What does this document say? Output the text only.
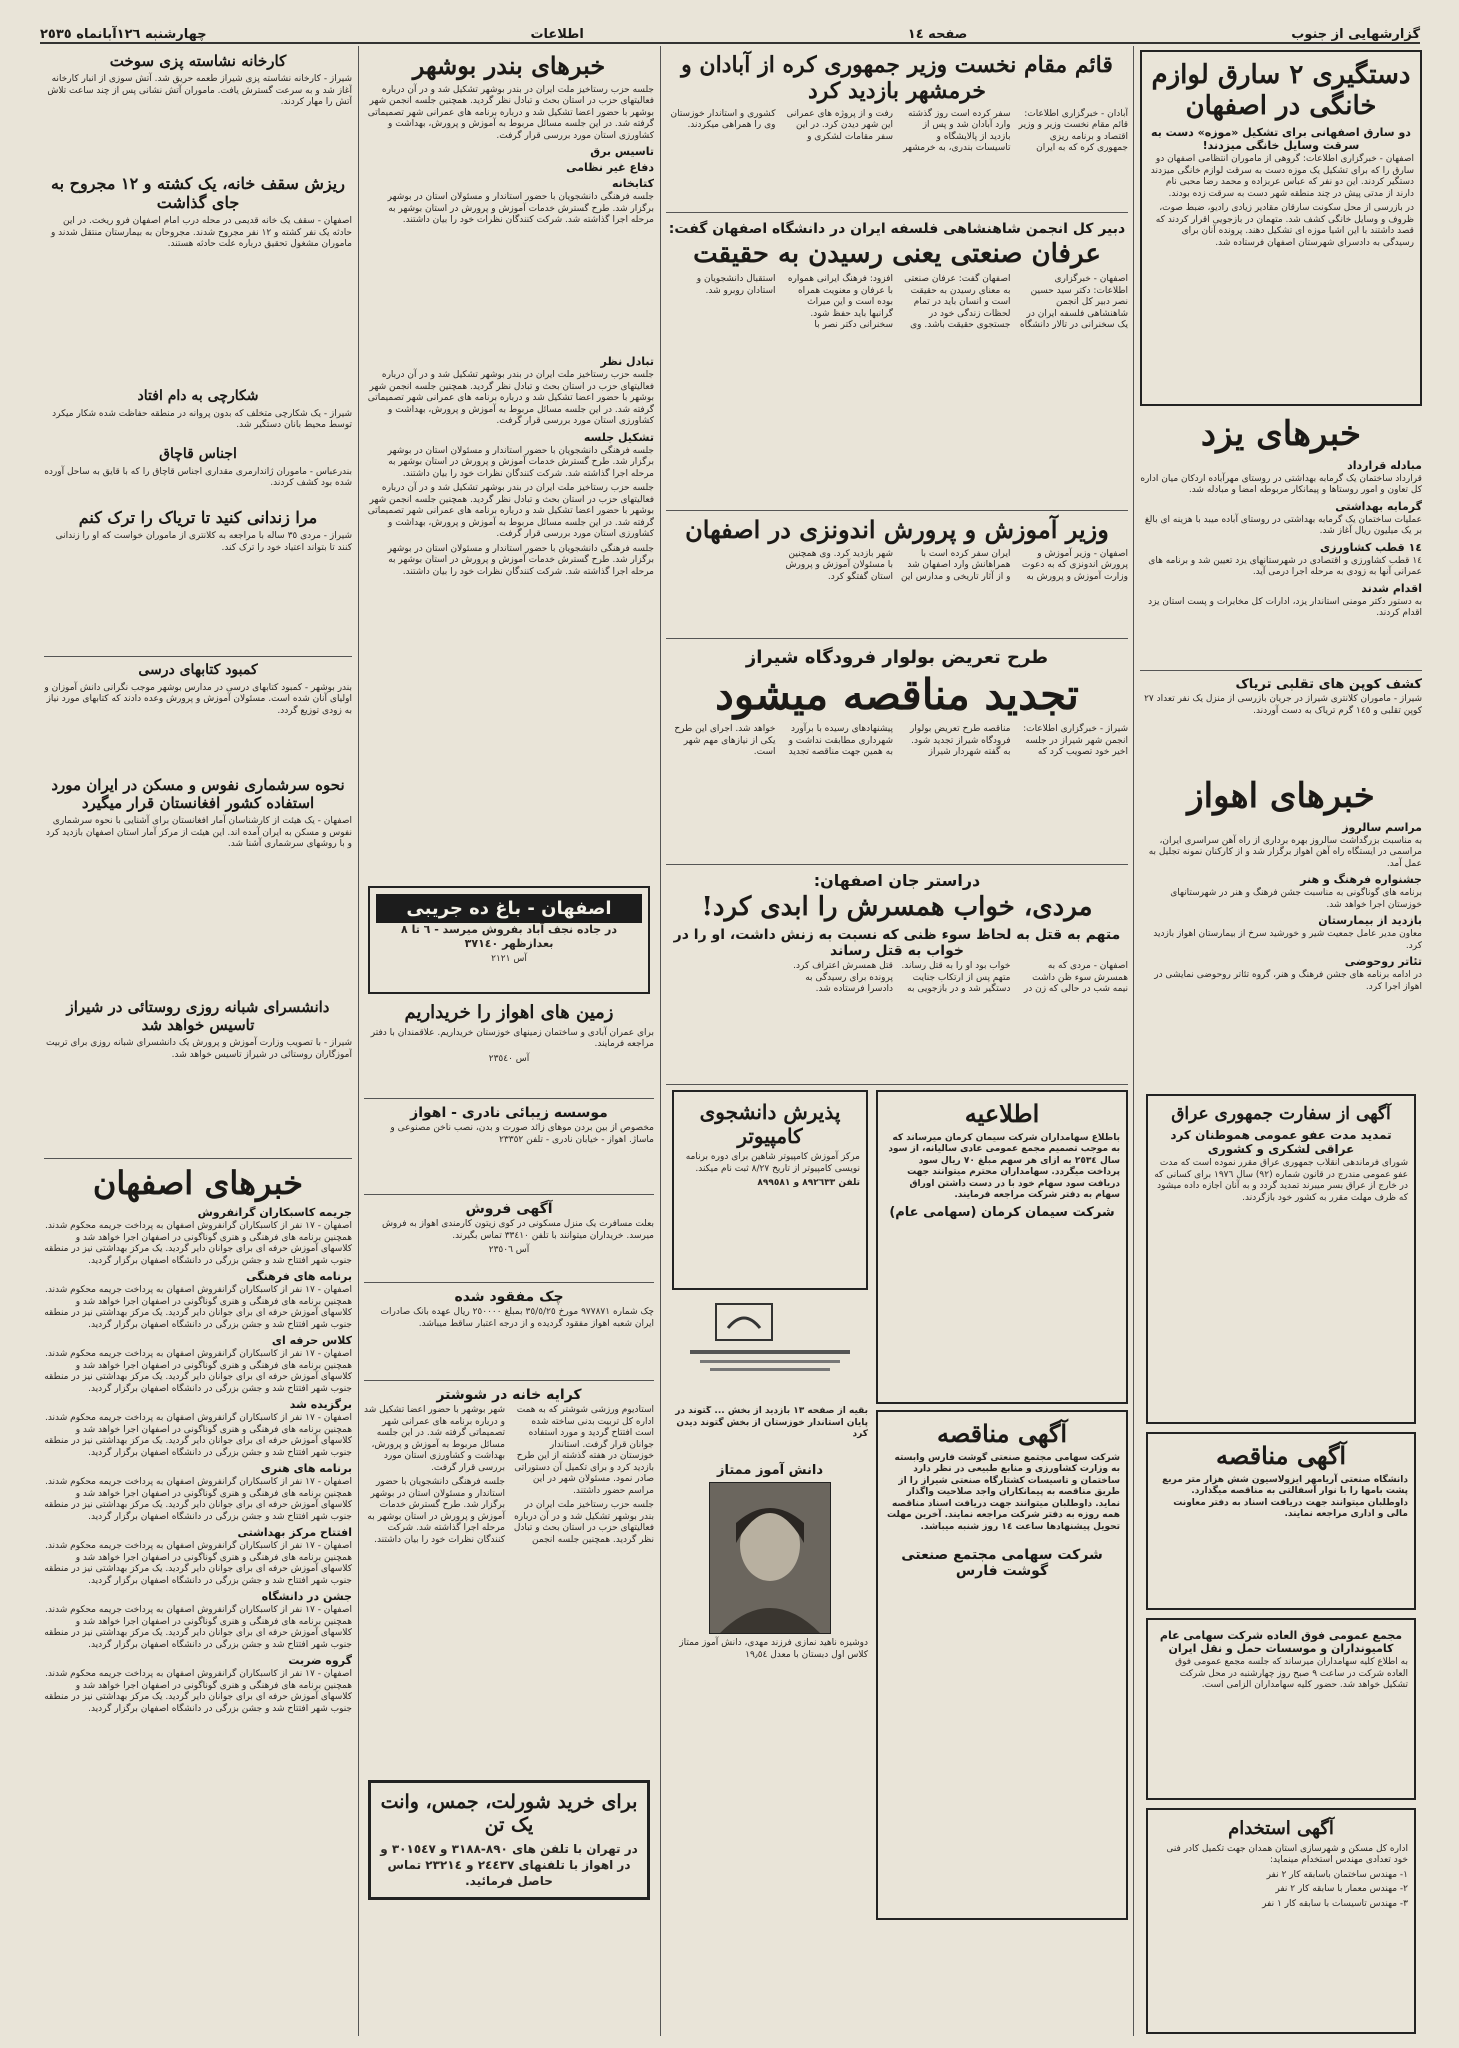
گزارشهایی از جنوب
صفحه ١٤
اطلاعات
چهارشنبه ١٢٦آبانماه ٢٥٣٥
دستگیری ٢ سارق لوازم خانگی در اصفهان
دو سارق اصفهانی برای تشکیل «موزه» دست به سرقت وسایل خانگی میزدند!

اصفهان - خبرگزاری اطلاعات: گروهی از ماموران انتظامی اصفهان دو سارق را که برای تشکیل یک موزه دست به سرقت لوازم خانگی میزدند دستگیر کردند. این دو نفر که عباس عربزاده و محمد رضا محبی نام دارند از مدتی پیش در چند منطقه شهر دست به سرقت زده بودند.

در بازرسی از محل سکونت سارقان مقادیر زیادی رادیو، ضبط صوت، ظروف و وسایل خانگی کشف شد. متهمان در بازجویی اقرار کردند که قصد داشتند با این اشیا موزه ای تشکیل دهند. پرونده آنان برای رسیدگی به دادسرای شهرستان اصفهان فرستاده شد.

خبرهای یزد
مبادله قرارداد

قرارداد ساختمان یک گرمابه بهداشتی در روستای مهرآباده اردکان میان اداره کل تعاون و امور روستاها و پیمانکار مربوطه امضا و مبادله شد.

گرمابه بهداشتی

عملیات ساختمان یک گرمابه بهداشتی در روستای آباده میبد با هزینه ای بالغ بر یک میلیون ریال آغاز شد.

١٤ قطب کشاورزی

١٤ قطب کشاورزی و اقتصادی در شهرستانهای یزد تعیین شد و برنامه های عمرانی آنها به زودی به مرحله اجرا درمی آید.

اقدام شدند

به دستور دکتر مومنی استاندار یزد، ادارات کل مخابرات و پست استان یزد اقدام کردند.

کشف کوپن های تقلبی تریاک

شیراز - ماموران کلانتری شیراز در جریان بازرسی از منزل یک نفر تعداد ٢٧ کوپن تقلبی و ١٤٥ گرم تریاک به دست آوردند.

خبرهای اهواز
مراسم سالروز

به مناسبت بزرگداشت سالروز بهره برداری از راه آهن سراسری ایران، مراسمی در ایستگاه راه آهن اهواز برگزار شد و از کارکنان نمونه تجلیل به عمل آمد.

جشنواره فرهنگ و هنر

برنامه های گوناگونی به مناسبت جشن فرهنگ و هنر در شهرستانهای خوزستان اجرا خواهد شد.

بازدید از بیمارستان

معاون مدیر عامل جمعیت شیر و خورشید سرخ از بیمارستان اهواز بازدید کرد.

تئاتر روحوضی

در ادامه برنامه های جشن فرهنگ و هنر، گروه تئاتر روحوضی نمایشی در اهواز اجرا کرد.

آگهی از سفارت جمهوری عراق
تمدید مدت عفو عمومی هموطنان کرد عراقی لشکری و کشوری

شورای فرماندهی انقلاب جمهوری عراق مقرر نموده است که مدت عفو عمومی مندرج در قانون شماره (٩٢) سال ١٩٧٦ برای کسانی که در خارج از عراق بسر میبرند تمدید گردد و به آنان اجازه داده میشود که ظرف مهلت مقرر به کشور خود بازگردند.

آگهی مناقصه

دانشگاه صنعتی آریامهر ایزولاسیون شش هزار متر مربع پشت بامها را با نوار آسفالتی به مناقصه میگذارد. داوطلبان میتوانند جهت دریافت اسناد به دفتر معاونت مالی و اداری مراجعه نمایند.

مجمع عمومی فوق العاده شرکت سهامی عام کامیونداران و موسسات حمل و نقل ایران

به اطلاع کلیه سهامداران میرساند که جلسه مجمع عمومی فوق العاده شرکت در ساعت ٩ صبح روز چهارشنبه در محل شرکت تشکیل خواهد شد. حضور کلیه سهامداران الزامی است.

آگهی استخدام

اداره کل مسکن و شهرسازی استان همدان جهت تکمیل کادر فنی خود تعدادی مهندس استخدام مینماید:

١- مهندس ساختمان باسابقه کار ٢ نفر

٢- مهندس معمار با سابقه کار ٢ نفر

٣- مهندس تاسیسات با سابقه کار ١ نفر

قائم مقام نخست وزیر جمهوری کره از آبادان و خرمشهر بازدید کرد

آبادان - خبرگزاری اطلاعات: قائم مقام نخست وزیر و وزیر اقتصاد و برنامه ریزی جمهوری کره که به ایران سفر کرده است روز گذشته وارد آبادان شد و پس از بازدید از پالایشگاه و تاسیسات بندری، به خرمشهر رفت و از پروژه های عمرانی این شهر دیدن کرد. در این سفر مقامات لشکری و کشوری و استاندار خوزستان وی را همراهی میکردند.

دبیر کل انجمن شاهنشاهی فلسفه ایران در دانشگاه اصفهان گفت:
عرفان صنعتی یعنی رسیدن به حقیقت

اصفهان - خبرگزاری اطلاعات: دکتر سید حسین نصر دبیر کل انجمن شاهنشاهی فلسفه ایران در یک سخنرانی در تالار دانشگاه اصفهان گفت: عرفان صنعتی به معنای رسیدن به حقیقت است و انسان باید در تمام لحظات زندگی خود در جستجوی حقیقت باشد. وی افزود: فرهنگ ایرانی همواره با عرفان و معنویت همراه بوده است و این میراث گرانبها باید حفظ شود. سخنرانی دکتر نصر با استقبال دانشجویان و استادان روبرو شد.

وزیر آموزش و پرورش اندونزی در اصفهان

اصفهان - وزیر آموزش و پرورش اندونزی که به دعوت وزارت آموزش و پرورش به ایران سفر کرده است با همراهانش وارد اصفهان شد و از آثار تاریخی و مدارس این شهر بازدید کرد. وی همچنین با مسئولان آموزش و پرورش استان گفتگو کرد.

طرح تعریض بولوار فرودگاه شیراز
تجدید مناقصه میشود

شیراز - خبرگزاری اطلاعات: انجمن شهر شیراز در جلسه اخیر خود تصویب کرد که مناقصه طرح تعریض بولوار فرودگاه شیراز تجدید شود. به گفته شهردار شیراز پیشنهادهای رسیده با برآورد شهرداری مطابقت نداشت و به همین جهت مناقصه تجدید خواهد شد. اجرای این طرح یکی از نیازهای مهم شهر است.

دراستر جان اصفهان:
مردی، خواب همسرش را ابدی کرد!
متهم به قتل به لحاظ سوء ظنی که نسبت به زنش داشت، او را در خواب به قتل رساند

اصفهان - مردی که به همسرش سوء ظن داشت نیمه شب در حالی که زن در خواب بود او را به قتل رساند. متهم پس از ارتکاب جنایت دستگیر شد و در بازجویی به قتل همسرش اعتراف کرد. پرونده برای رسیدگی به دادسرا فرستاده شد.

اطلاعیه

باطلاع سهامداران شرکت سیمان کرمان میرساند که به موجب تصمیم مجمع عمومی عادی سالیانه، از سود سال ٢٥٣٤ به ازای هر سهم مبلغ ٧٠ ریال سود پرداخت میگردد. سهامداران محترم میتوانند جهت دریافت سود سهام خود با در دست داشتن اوراق سهام به دفتر شرکت مراجعه فرمایند.

شرکت سیمان کرمان (سهامی عام)
پذیرش دانشجوی کامپیوتر

مرکز آموزش کامپیوتر شاهین برای دوره برنامه نویسی کامپیوتر از تاریخ ٨/٢٧ ثبت نام میکند.

تلفن ٨٩٢٦٣٣ و ٨٩٩٥٨١

بقیه از صفحه ١٣ بازدید از بخش ... گتوند در پایان استاندار خوزستان از بخش گتوند دیدن کرد

دانش آموز ممتاز

دوشیزه ناهید نمازی فرزند مهدی، دانش آموز ممتاز کلاس اول دبستان با معدل ١٩٫٥٤

آگهی مناقصه

شرکت سهامی مجتمع صنعتی گوشت فارس وابسته به وزارت کشاورزی و منابع طبیعی در نظر دارد ساختمان و تاسیسات کشتارگاه صنعتی شیراز را از طریق مناقصه به پیمانکاران واجد صلاحیت واگذار نماید. داوطلبان میتوانند جهت دریافت اسناد مناقصه همه روزه به دفتر شرکت مراجعه نمایند. آخرین مهلت تحویل پیشنهادها ساعت ١٤ روز شنبه میباشد.

شرکت سهامی مجتمع صنعتی گوشت فارس
خبرهای بندر بوشهر

جلسه حزب رستاخیز ملت ایران در بندر بوشهر تشکیل شد و در آن درباره فعالیتهای حزب در استان بحث و تبادل نظر گردید. همچنین جلسه انجمن شهر بوشهر با حضور اعضا تشکیل شد و درباره برنامه های عمرانی شهر تصمیماتی گرفته شد. در این جلسه مسائل مربوط به آموزش و پرورش، بهداشت و کشاورزی استان مورد بررسی قرار گرفت.

تاسیس برق
دفاع غیر نظامی
کتابخانه

جلسه فرهنگی دانشجویان با حضور استاندار و مسئولان استان در بوشهر برگزار شد. طرح گسترش خدمات آموزش و پرورش در استان بوشهر به مرحله اجرا گذاشته شد. شرکت کنندگان نظرات خود را بیان داشتند.

تبادل نظر

جلسه حزب رستاخیز ملت ایران در بندر بوشهر تشکیل شد و در آن درباره فعالیتهای حزب در استان بحث و تبادل نظر گردید. همچنین جلسه انجمن شهر بوشهر با حضور اعضا تشکیل شد و درباره برنامه های عمرانی شهر تصمیماتی گرفته شد. در این جلسه مسائل مربوط به آموزش و پرورش، بهداشت و کشاورزی استان مورد بررسی قرار گرفت.

تشکیل جلسه

جلسه فرهنگی دانشجویان با حضور استاندار و مسئولان استان در بوشهر برگزار شد. طرح گسترش خدمات آموزش و پرورش در استان بوشهر به مرحله اجرا گذاشته شد. شرکت کنندگان نظرات خود را بیان داشتند.

جلسه حزب رستاخیز ملت ایران در بندر بوشهر تشکیل شد و در آن درباره فعالیتهای حزب در استان بحث و تبادل نظر گردید. همچنین جلسه انجمن شهر بوشهر با حضور اعضا تشکیل شد و درباره برنامه های عمرانی شهر تصمیماتی گرفته شد. در این جلسه مسائل مربوط به آموزش و پرورش، بهداشت و کشاورزی استان مورد بررسی قرار گرفت.

جلسه فرهنگی دانشجویان با حضور استاندار و مسئولان استان در بوشهر برگزار شد. طرح گسترش خدمات آموزش و پرورش در استان بوشهر به مرحله اجرا گذاشته شد. شرکت کنندگان نظرات خود را بیان داشتند.

اصفهان - باغ ده جریبی

در جاده نجف آباد بفروش میرسد - ٦ تا ٨ بعدازظهر ٣٧١٤٠

آس ٢١٢١

زمین های اهواز را خریداریم

برای عمران آبادی و ساختمان زمینهای خوزستان خریداریم. علاقمندان با دفتر مراجعه فرمایند.

آس ٢٣٥٤٠

موسسه زیبائی نادری - اهواز

مخصوص از بین بردن موهای زائد صورت و بدن، نصب ناخن مصنوعی و ماساژ. اهواز - خیابان نادری - تلفن ٢٣٣٥٢

آگهی فروش

بعلت مسافرت یک منزل مسکونی در کوی زیتون کارمندی اهواز به فروش میرسد. خریداران میتوانند با تلفن ٣٣٤١٠ تماس بگیرند.

آس ٢٣٥٠٦

چک مفقود شده

چک شماره ٩٧٧٨٧١ مورخ ٣٥/٥/٢٥ بمبلغ ٢٥٠٠٠٠ ریال عهده بانک صادرات ایران شعبه اهواز مفقود گردیده و از درجه اعتبار ساقط میباشد.

کرایه خانه در شوشتر

استادیوم ورزشی شوشتر که به همت اداره کل تربیت بدنی ساخته شده است افتتاح گردید و مورد استفاده جوانان قرار گرفت. استاندار خوزستان در هفته گذشته از این طرح بازدید کرد و برای تکمیل آن دستوراتی صادر نمود. مسئولان شهر در این مراسم حضور داشتند.

جلسه حزب رستاخیز ملت ایران در بندر بوشهر تشکیل شد و در آن درباره فعالیتهای حزب در استان بحث و تبادل نظر گردید. همچنین جلسه انجمن شهر بوشهر با حضور اعضا تشکیل شد و درباره برنامه های عمرانی شهر تصمیماتی گرفته شد. در این جلسه مسائل مربوط به آموزش و پرورش، بهداشت و کشاورزی استان مورد بررسی قرار گرفت.

جلسه فرهنگی دانشجویان با حضور استاندار و مسئولان استان در بوشهر برگزار شد. طرح گسترش خدمات آموزش و پرورش در استان بوشهر به مرحله اجرا گذاشته شد. شرکت کنندگان نظرات خود را بیان داشتند.

برای خرید شورلت، جمس، وانت یک تن

در تهران با تلفن های ٨٩٠-٣١٨٨ و ٣٠١٥٤٧ و در اهواز با تلفنهای ٢٤٤٣٧ و ٢٣٢١٤ تماس حاصل فرمائید.

کارخانه نشاسته پزی سوخت

شیراز - کارخانه نشاسته پزی شیراز طعمه حریق شد. آتش سوزی از انبار کارخانه آغاز شد و به سرعت گسترش یافت. ماموران آتش نشانی پس از چند ساعت تلاش آتش را مهار کردند.

ریزش سقف خانه، یک کشته و ١٢ مجروح به جای گذاشت

اصفهان - سقف یک خانه قدیمی در محله درب امام اصفهان فرو ریخت. در این حادثه یک نفر کشته و ١٢ نفر مجروح شدند. مجروحان به بیمارستان منتقل شدند و ماموران مشغول تحقیق درباره علت حادثه هستند.

شکارچی به دام افتاد

شیراز - یک شکارچی متخلف که بدون پروانه در منطقه حفاظت شده شکار میکرد توسط محیط بانان دستگیر شد.

اجناس قاچاق

بندرعباس - ماموران ژاندارمری مقداری اجناس قاچاق را که با قایق به ساحل آورده شده بود کشف کردند.

مرا زندانی کنید تا تریاک را ترک کنم

شیراز - مردی ٣٥ ساله با مراجعه به کلانتری از ماموران خواست که او را زندانی کنند تا بتواند اعتیاد خود را ترک کند.

کمبود کتابهای درسی

بندر بوشهر - کمبود کتابهای درسی در مدارس بوشهر موجب نگرانی دانش آموزان و اولیای آنان شده است. مسئولان آموزش و پرورش وعده دادند که کتابهای مورد نیاز به زودی توزیع گردد.

نحوه سرشماری نفوس و مسکن در ایران مورد استفاده کشور افغانستان قرار میگیرد

اصفهان - یک هیئت از کارشناسان آمار افغانستان برای آشنایی با نحوه سرشماری نفوس و مسکن به ایران آمده اند. این هیئت از مرکز آمار استان اصفهان بازدید کرد و با روشهای سرشماری آشنا شد.

دانشسرای شبانه روزی روستائی در شیراز تاسیس خواهد شد

شیراز - با تصویب وزارت آموزش و پرورش یک دانشسرای شبانه روزی برای تربیت آموزگاران روستائی در شیراز تاسیس خواهد شد.

خبرهای اصفهان
جریمه کاسبکاران گرانفروش

اصفهان - ١٧ نفر از کاسبکاران گرانفروش اصفهان به پرداخت جریمه محکوم شدند. همچنین برنامه های فرهنگی و هنری گوناگونی در اصفهان اجرا خواهد شد و کلاسهای آموزش حرفه ای برای جوانان دایر گردید. یک مرکز بهداشتی نیز در منطقه جنوب شهر افتتاح شد و جشن بزرگی در دانشگاه اصفهان برگزار گردید.

برنامه های فرهنگی

اصفهان - ١٧ نفر از کاسبکاران گرانفروش اصفهان به پرداخت جریمه محکوم شدند. همچنین برنامه های فرهنگی و هنری گوناگونی در اصفهان اجرا خواهد شد و کلاسهای آموزش حرفه ای برای جوانان دایر گردید. یک مرکز بهداشتی نیز در منطقه جنوب شهر افتتاح شد و جشن بزرگی در دانشگاه اصفهان برگزار گردید.

کلاس حرفه ای

اصفهان - ١٧ نفر از کاسبکاران گرانفروش اصفهان به پرداخت جریمه محکوم شدند. همچنین برنامه های فرهنگی و هنری گوناگونی در اصفهان اجرا خواهد شد و کلاسهای آموزش حرفه ای برای جوانان دایر گردید. یک مرکز بهداشتی نیز در منطقه جنوب شهر افتتاح شد و جشن بزرگی در دانشگاه اصفهان برگزار گردید.

برگزیده شد

اصفهان - ١٧ نفر از کاسبکاران گرانفروش اصفهان به پرداخت جریمه محکوم شدند. همچنین برنامه های فرهنگی و هنری گوناگونی در اصفهان اجرا خواهد شد و کلاسهای آموزش حرفه ای برای جوانان دایر گردید. یک مرکز بهداشتی نیز در منطقه جنوب شهر افتتاح شد و جشن بزرگی در دانشگاه اصفهان برگزار گردید.

برنامه های هنری

اصفهان - ١٧ نفر از کاسبکاران گرانفروش اصفهان به پرداخت جریمه محکوم شدند. همچنین برنامه های فرهنگی و هنری گوناگونی در اصفهان اجرا خواهد شد و کلاسهای آموزش حرفه ای برای جوانان دایر گردید. یک مرکز بهداشتی نیز در منطقه جنوب شهر افتتاح شد و جشن بزرگی در دانشگاه اصفهان برگزار گردید.

افتتاح مرکز بهداشتی

اصفهان - ١٧ نفر از کاسبکاران گرانفروش اصفهان به پرداخت جریمه محکوم شدند. همچنین برنامه های فرهنگی و هنری گوناگونی در اصفهان اجرا خواهد شد و کلاسهای آموزش حرفه ای برای جوانان دایر گردید. یک مرکز بهداشتی نیز در منطقه جنوب شهر افتتاح شد و جشن بزرگی در دانشگاه اصفهان برگزار گردید.

جشن در دانشگاه

اصفهان - ١٧ نفر از کاسبکاران گرانفروش اصفهان به پرداخت جریمه محکوم شدند. همچنین برنامه های فرهنگی و هنری گوناگونی در اصفهان اجرا خواهد شد و کلاسهای آموزش حرفه ای برای جوانان دایر گردید. یک مرکز بهداشتی نیز در منطقه جنوب شهر افتتاح شد و جشن بزرگی در دانشگاه اصفهان برگزار گردید.

گروه ضربت

اصفهان - ١٧ نفر از کاسبکاران گرانفروش اصفهان به پرداخت جریمه محکوم شدند. همچنین برنامه های فرهنگی و هنری گوناگونی در اصفهان اجرا خواهد شد و کلاسهای آموزش حرفه ای برای جوانان دایر گردید. یک مرکز بهداشتی نیز در منطقه جنوب شهر افتتاح شد و جشن بزرگی در دانشگاه اصفهان برگزار گردید.
